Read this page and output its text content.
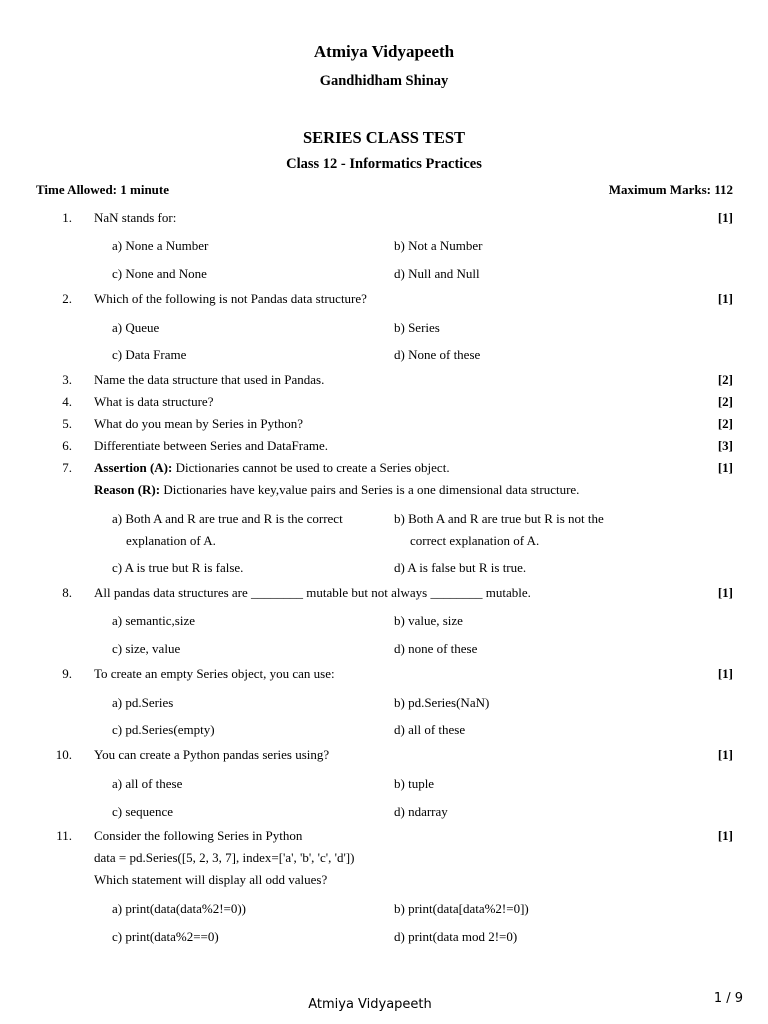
Atmiya Vidyapeeth
Gandhidham Shinay
SERIES CLASS TEST
Class 12 - Informatics Practices
Time Allowed: 1 minute	Maximum Marks: 112
1. NaN stands for:	[1]
a) None a Number	b) Not a Number
c) None and None	d) Null and Null
2. Which of the following is not Pandas data structure?	[1]
a) Queue	b) Series
c) Data Frame	d) None of these
3. Name the data structure that used in Pandas.	[2]
4. What is data structure?	[2]
5. What do you mean by Series in Python?	[2]
6. Differentiate between Series and DataFrame.	[3]
7. Assertion (A): Dictionaries cannot be used to create a Series object.	[1]
Reason (R): Dictionaries have key,value pairs and Series is a one dimensional data structure.
a) Both A and R are true and R is the correct
explanation of A.
b) Both A and R are true but R is not the
correct explanation of A.
c) A is true but R is false.	d) A is false but R is true.
8. All pandas data structures are ________ mutable but not always ________ mutable.	[1]
a) semantic,size	b) value, size
c) size, value	d) none of these
9. To create an empty Series object, you can use:	[1]
a) pd.Series	b) pd.Series(NaN)
c) pd.Series(empty)	d) all of these
10. You can create a Python pandas series using?	[1]
a) all of these	b) tuple
c) sequence	d) ndarray
11. Consider the following Series in Python	[1]
data = pd.Series([5, 2, 3, 7], index=['a', 'b', 'c', 'd'])
Which statement will display all odd values?
a) print(data(data%2!=0))	b) print(data[data%2!=0])
c) print(data%2==0)	d) print(data mod 2!=0)
Atmiya Vidyapeeth	1 / 9
